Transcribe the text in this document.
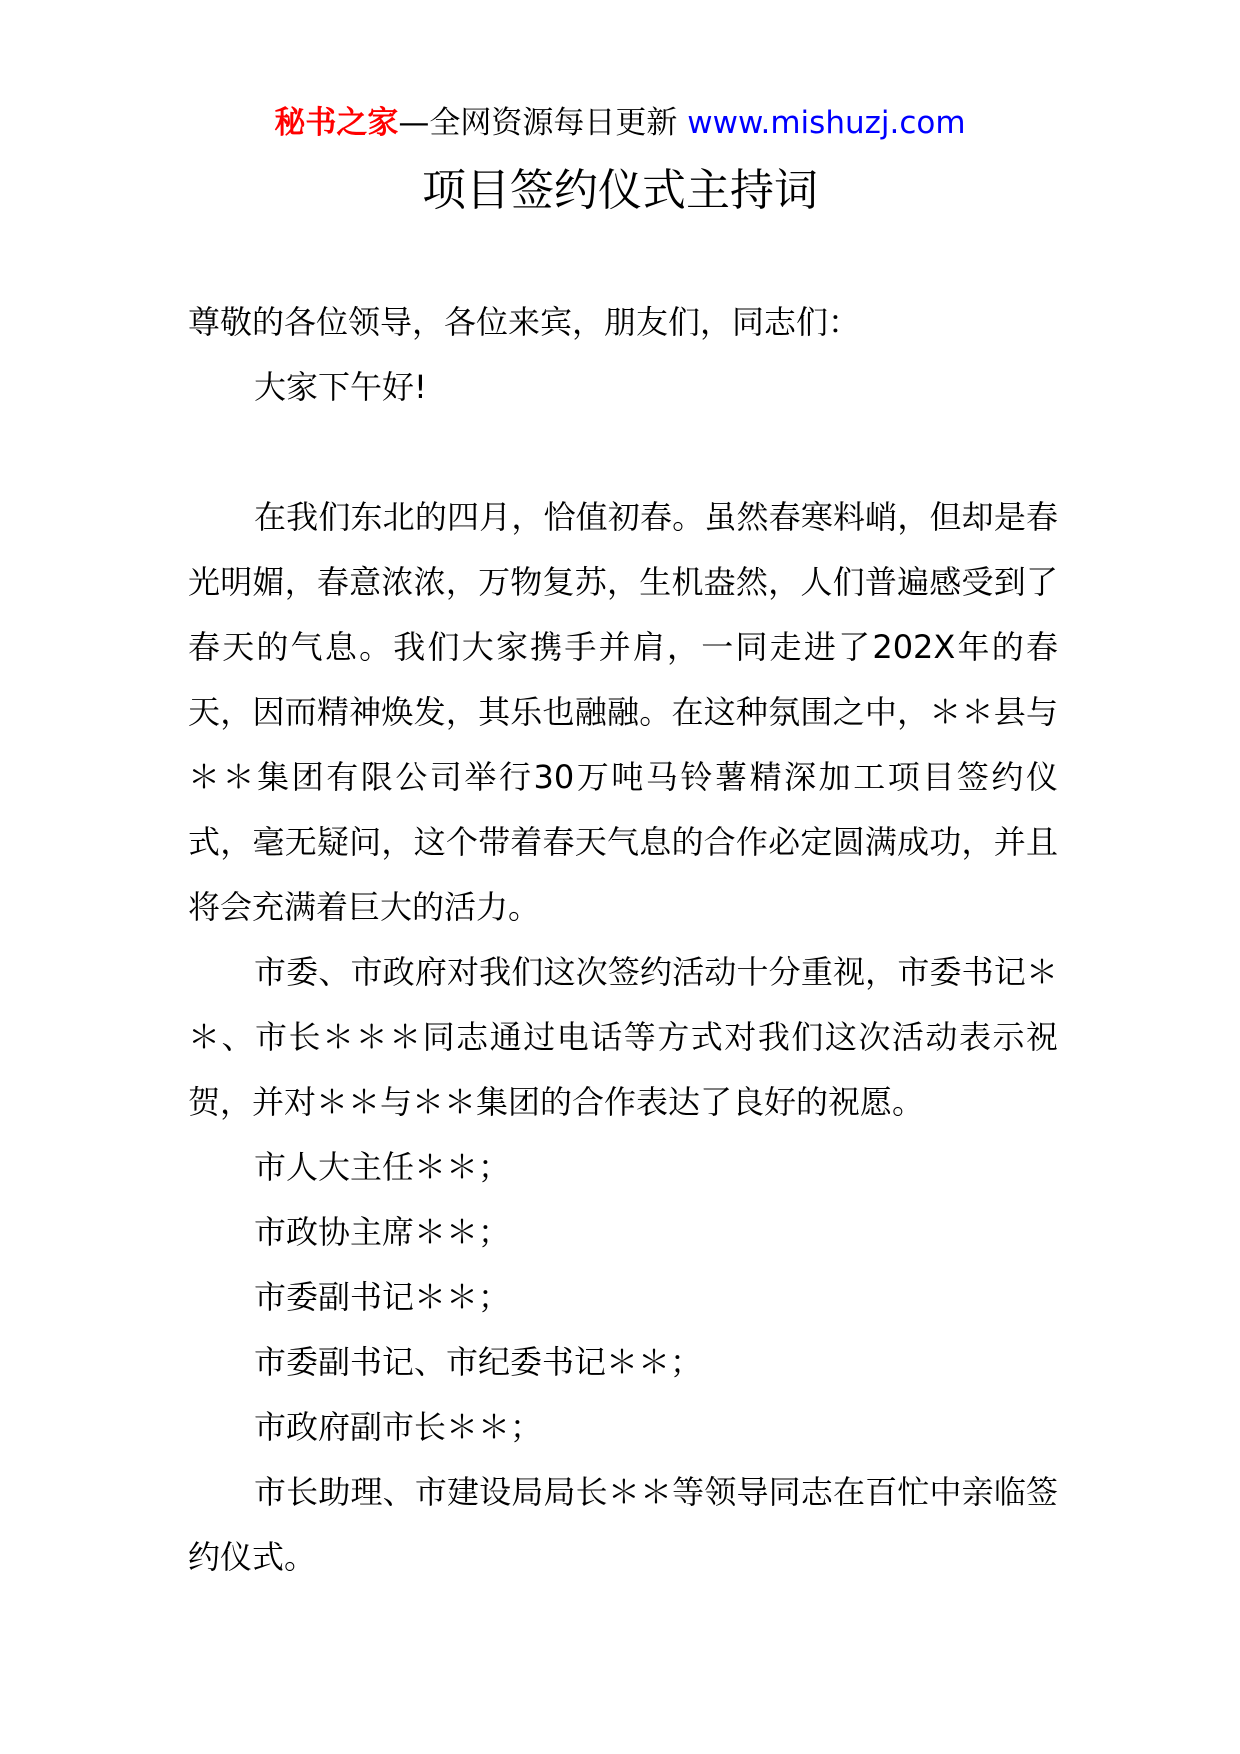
秘书之家—全网资源每日更新 www.mishuzj.com
项目签约仪式主持词

尊敬的各位领导，各位来宾，朋友们，同志们：

大家下午好!

在我们东北的四月，恰值初春。虽然春寒料峭，但却是春光明媚，春意浓浓，万物复苏，生机盎然，人们普遍感受到了春天的气息。我们大家携手并肩，一同走进了202X年的春天，因而精神焕发，其乐也融融。在这种氛围之中，＊＊县与＊＊集团有限公司举行30万吨马铃薯精深加工项目签约仪式，毫无疑问，这个带着春天气息的合作必定圆满成功，并且将会充满着巨大的活力。

市委、市政府对我们这次签约活动十分重视，市委书记＊＊、市长＊＊＊同志通过电话等方式对我们这次活动表示祝贺，并对＊＊与＊＊集团的合作表达了良好的祝愿。

市人大主任＊＊；

市政协主席＊＊；

市委副书记＊＊；

市委副书记、市纪委书记＊＊；

市政府副市长＊＊；

市长助理、市建设局局长＊＊等领导同志在百忙中亲临签约仪式。
